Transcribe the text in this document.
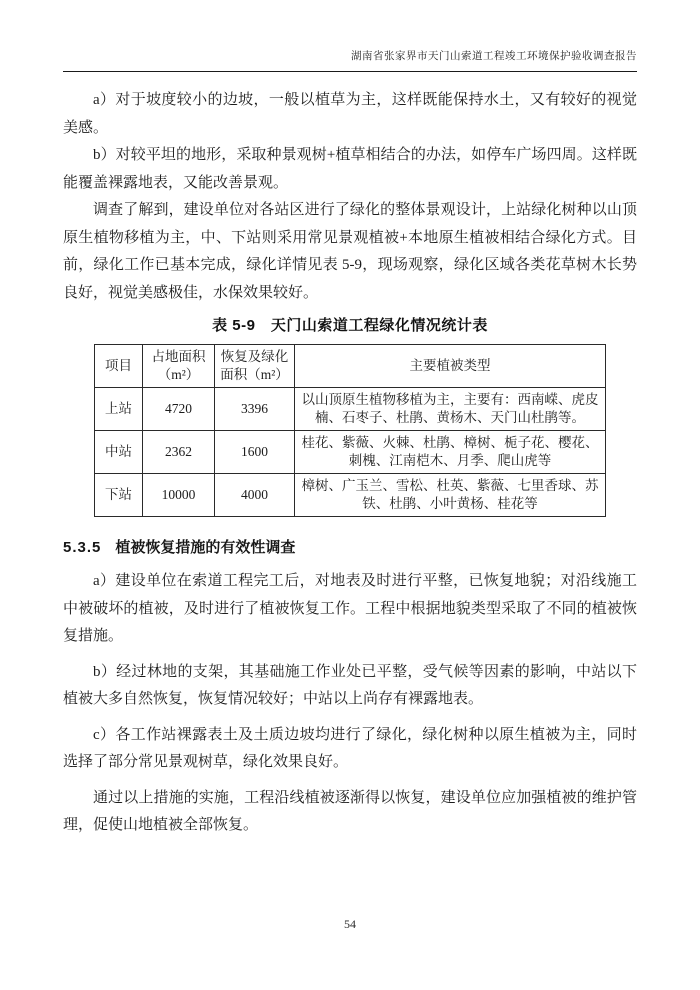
湖南省张家界市天门山索道工程竣工环境保护验收调查报告

a）对于坡度较小的边坡，一般以植草为主，这样既能保持水土，又有较好的视觉美感。

b）对较平坦的地形，采取种景观树+植草相结合的办法，如停车广场四周。这样既能覆盖裸露地表，又能改善景观。

调查了解到，建设单位对各站区进行了绿化的整体景观设计，上站绿化树种以山顶原生植物移植为主，中、下站则采用常见景观植被+本地原生植被相结合绿化方式。目前，绿化工作已基本完成，绿化详情见表 5-9，现场观察，绿化区域各类花草树木长势良好，视觉美感极佳，水保效果较好。

表 5-9　天门山索道工程绿化情况统计表
项目	占地面积（m²）	恢复及绿化面积（m²）	主要植被类型
上站	4720	3396	以山顶原生植物移植为主，主要有：西南嵘、虎皮楠、石枣子、杜鹃、黄杨木、天门山杜鹃等。
中站	2362	1600	桂花、紫薇、火棘、杜鹃、樟树、栀子花、樱花、刺槐、江南桤木、月季、爬山虎等
下站	10000	4000	樟树、广玉兰、雪松、杜英、紫薇、七里香球、苏铁、杜鹃、小叶黄杨、桂花等
5.3.5 植被恢复措施的有效性调查

a）建设单位在索道工程完工后，对地表及时进行平整，已恢复地貌；对沿线施工中被破坏的植被，及时进行了植被恢复工作。工程中根据地貌类型采取了不同的植被恢复措施。

b）经过林地的支架，其基础施工作业处已平整，受气候等因素的影响，中站以下植被大多自然恢复，恢复情况较好；中站以上尚存有裸露地表。

c）各工作站裸露表土及土质边坡均进行了绿化，绿化树种以原生植被为主，同时选择了部分常见景观树草，绿化效果良好。

通过以上措施的实施，工程沿线植被逐渐得以恢复，建设单位应加强植被的维护管理，促使山地植被全部恢复。

54
